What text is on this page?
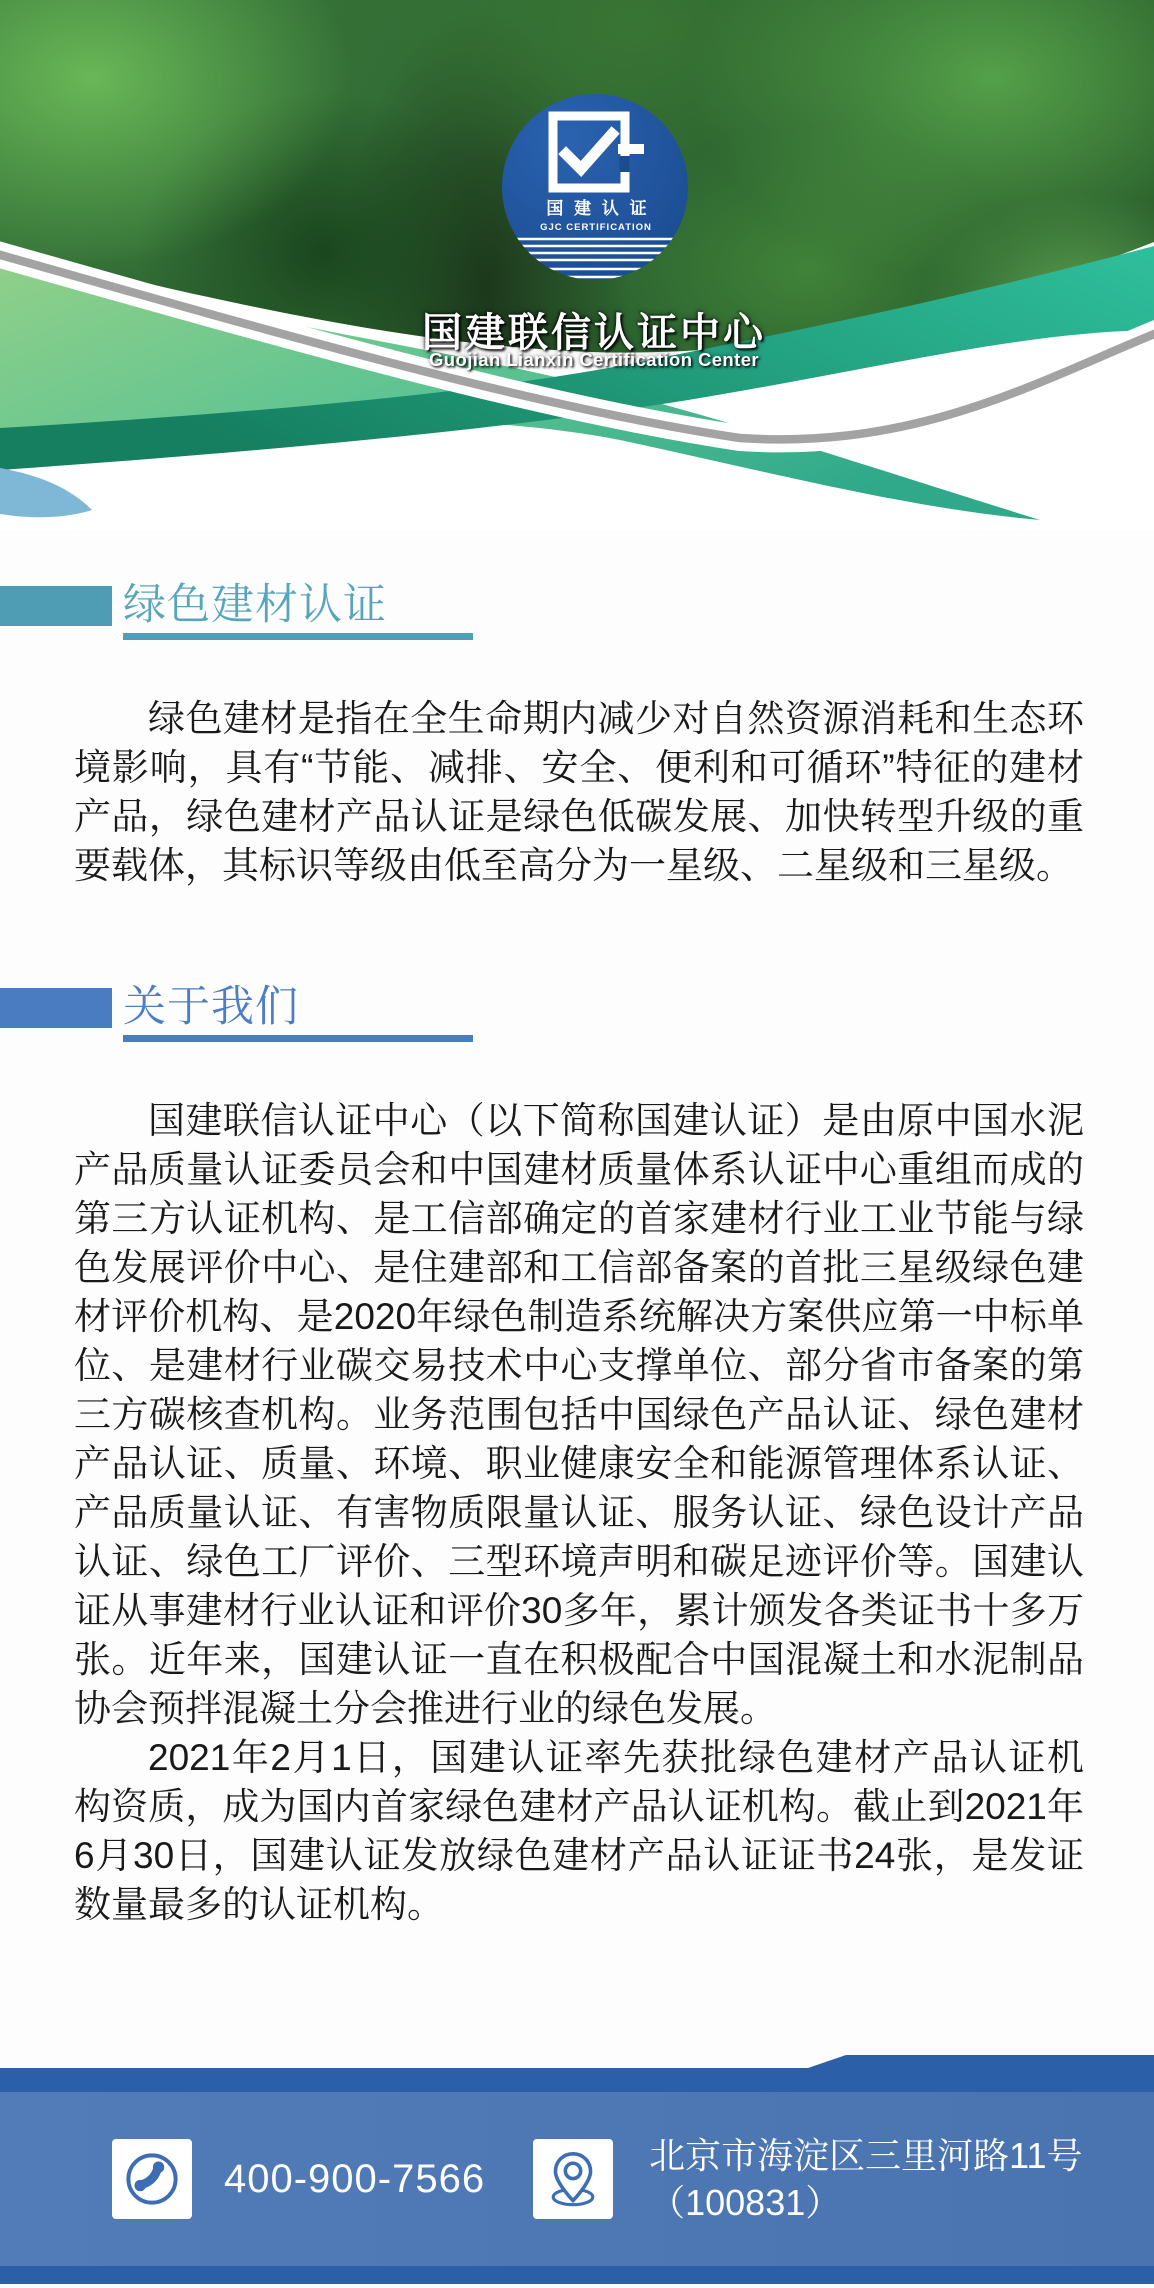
国 建 认 证
GJC CERTIFICATION
国建联信认证中心
Guojian Lianxin Certification Center
绿色建材认证

绿色建材是指在全生命期内减少对自然资源消耗和生态环境影响，具有“节能、减排、安全、便利和可循环”特征的建材产品，绿色建材产品认证是绿色低碳发展、加快转型升级的重要载体，其标识等级由低至高分为一星级、二星级和三星级。

关于我们

国建联信认证中心（以下简称国建认证）是由原中国水泥产品质量认证委员会和中国建材质量体系认证中心重组而成的第三方认证机构、是工信部确定的首家建材行业工业节能与绿色发展评价中心、是住建部和工信部备案的首批三星级绿色建材评价机构、是2020年绿色制造系统解决方案供应第一中标单位、是建材行业碳交易技术中心支撑单位、部分省市备案的第三方碳核查机构。业务范围包括中国绿色产品认证、绿色建材产品认证、质量、环境、职业健康安全和能源管理体系认证、产品质量认证、有害物质限量认证、服务认证、绿色设计产品认证、绿色工厂评价、三型环境声明和碳足迹评价等。国建认证从事建材行业认证和评价30多年，累计颁发各类证书十多万张。近年来，国建认证一直在积极配合中国混凝土和水泥制品协会预拌混凝土分会推进行业的绿色发展。

2021年2月1日，国建认证率先获批绿色建材产品认证机构资质，成为国内首家绿色建材产品认证机构。截止到2021年6月30日，国建认证发放绿色建材产品认证证书24张，是发证数量最多的认证机构。

400-900-7566
北京市海淀区三里河路11号
（100831）
